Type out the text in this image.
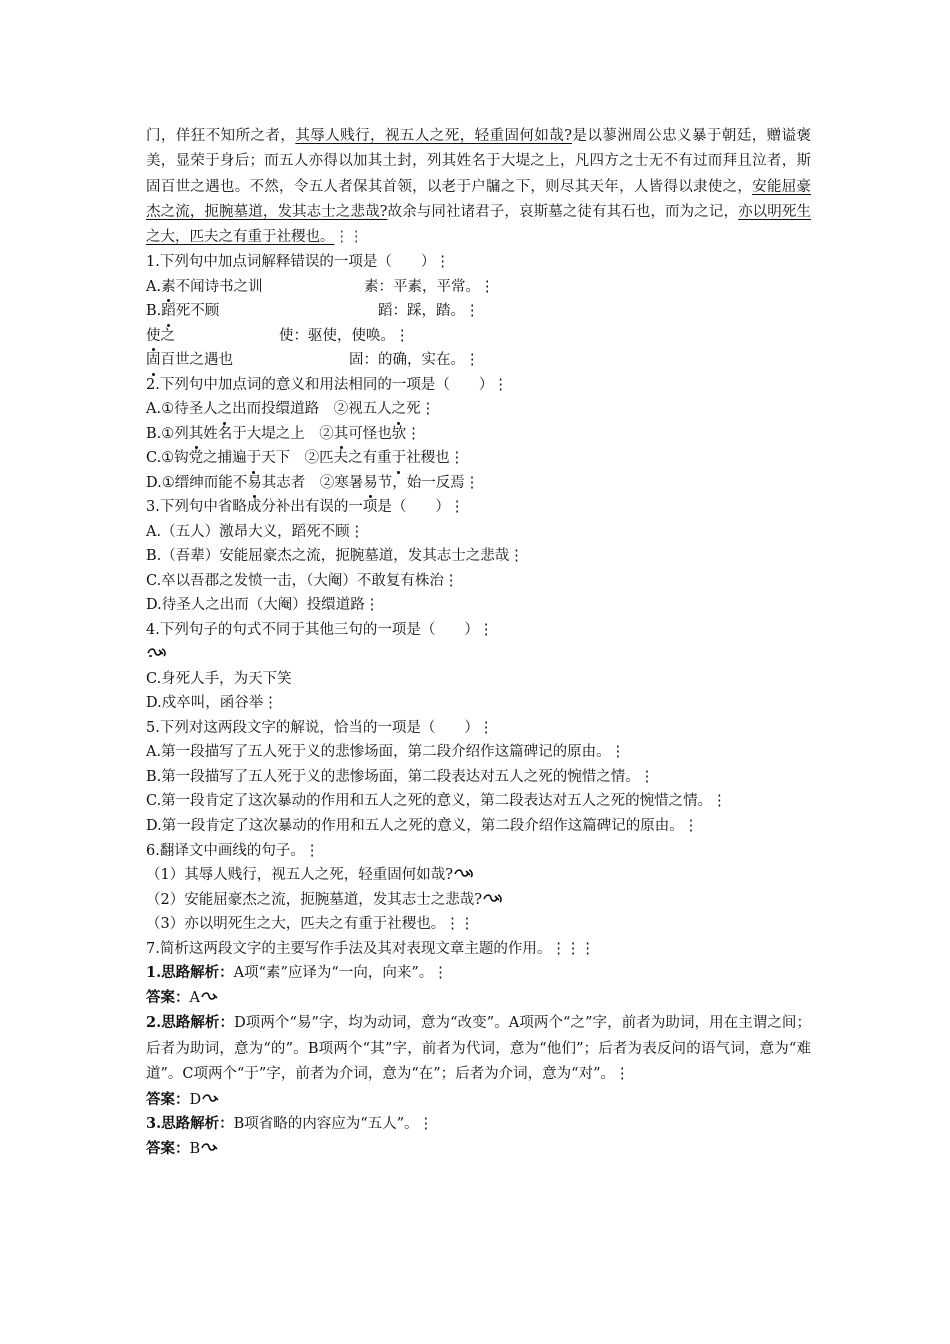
门，佯狂不知所之者，其辱人贱行，视五人之死，轻重固何如哉?是以蓼洲周公忠义暴于朝廷，赠谥褒美，显荣于身后；而五人亦得以加其土封，列其姓名于大堤之上，凡四方之士无不有过而拜且泣者，斯固百世之遇也。不然，令五人者保其首领，以老于户牖之下，则尽其天年，人皆得以隶使之，安能屈豪杰之流，扼腕墓道，发其志士之悲哉?故余与同社诸君子，哀斯墓之徒有其石也，而为之记，亦以明死生之大，匹夫之有重于社稷也。⋮⋮

1.下列句中加点词解释错误的一项是（　　）⋮

A.素不闻诗书之训	素：平素，平常。⋮

B.蹈死不顾	蹈：踩，踏。⋮

使之	使：驱使，使唤。⋮

固百世之遇也	固：的确，实在。⋮

2.下列句中加点词的意义和用法相同的一项是（　　）⋮

A.①待圣人之出而投缳道路　②视五人之死⋮

B.①列其姓名于大堤之上　②其可怪也欤⋮

C.①钩党之捕遍于天下　②匹夫之有重于社稷也⋮

D.①缙绅而能不易其志者　②寒暑易节，始一反焉⋮

3.下列句中省略成分补出有误的一项是（　　）⋮

A.（五人）激昂大义，蹈死不顾⋮

B.（吾辈）安能屈豪杰之流，扼腕墓道，发其志士之悲哉⋮

C.卒以吾郡之发愤一击，（大阉）不敢复有株治⋮

D.待圣人之出而（大阉）投缳道路⋮

4.下列句子的句式不同于其他三句的一项是（　　）⋮

C.身死人手，为天下笑

D.戍卒叫，函谷举⋮

5.下列对这两段文字的解说，恰当的一项是（　　）⋮

A.第一段描写了五人死于义的悲惨场面，第二段介绍作这篇碑记的原由。⋮

B.第一段描写了五人死于义的悲惨场面，第二段表达对五人之死的惋惜之情。⋮

C.第一段肯定了这次暴动的作用和五人之死的意义，第二段表达对五人之死的惋惜之情。⋮

D.第一段肯定了这次暴动的作用和五人之死的意义，第二段介绍作这篇碑记的原由。⋮

6.翻译文中画线的句子。⋮

（1）其辱人贱行，视五人之死，轻重固何如哉?

（2）安能屈豪杰之流，扼腕墓道，发其志士之悲哉?

（3）亦以明死生之大，匹夫之有重于社稷也。⋮⋮

7.简析这两段文字的主要写作手法及其对表现文章主题的作用。⋮⋮⋮

1.思路解析：A项“素”应译为“一向，向来”。⋮

答案：A

2.思路解析：D项两个“易”字，均为动词，意为“改变”。A项两个“之”字，前者为助词，用在主谓之间；后者为助词，意为“的”。B项两个“其”字，前者为代词，意为“他们”；后者为表反问的语气词，意为“难道”。C项两个“于”字，前者为介词，意为“在”；后者为介词，意为“对”。⋮

答案：D

3.思路解析：B项省略的内容应为“五人”。⋮

答案：B
